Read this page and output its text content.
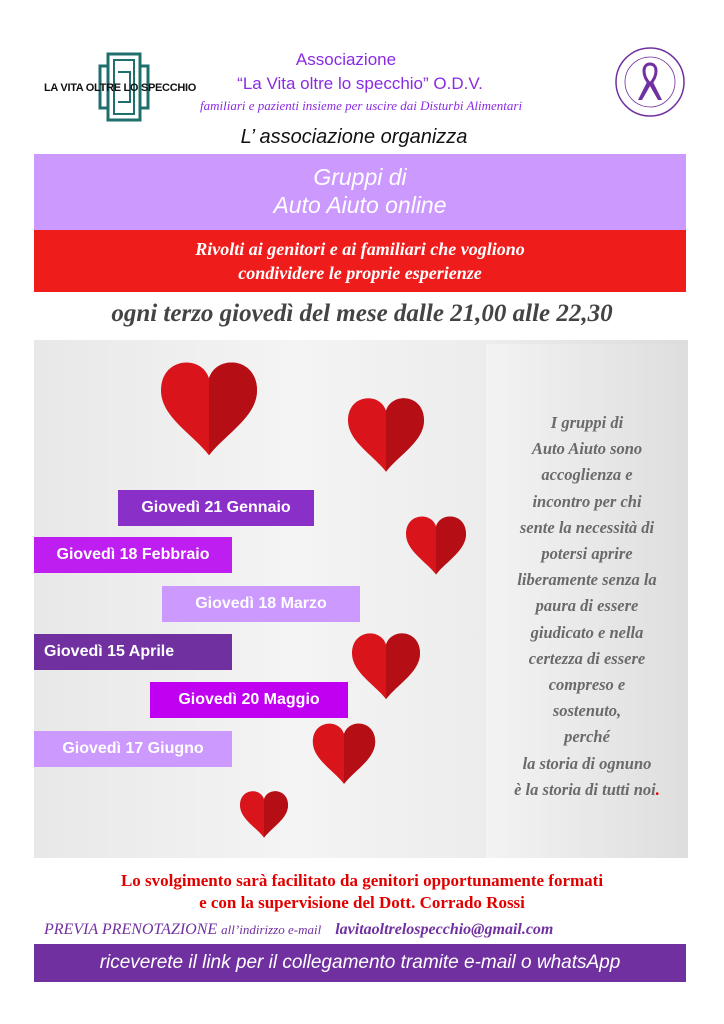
LA VITA OLTRE LO SPECCHIO
Associazione
“La Vita oltre lo specchio” O.D.V.
familiari e pazienti insieme per uscire dai Disturbi Alimentari
L’ associazione organizza
Gruppi di
Auto Aiuto online
Rivolti ai genitori e ai familiari che vogliono
condividere le proprie esperienze
ogni terzo giovedì del mese dalle 21,00 alle 22,30
Giovedì 21 Gennaio
Giovedì 18 Febbraio
Giovedì 18 Marzo
Giovedì 15 Aprile
Giovedì 20 Maggio
Giovedì 17 Giugno
I gruppi di
Auto Aiuto sono
accoglienza e
incontro per chi
sente la necessità di
potersi aprire
liberamente senza la
paura di essere
giudicato e nella
certezza di essere
compreso e
sostenuto,
perché
la storia di ognuno
è la storia di tutti noi.
Lo svolgimento sarà facilitato da genitori opportunamente formati
e con la supervisione del Dott. Corrado Rossi
PREVIA PRENOTAZIONE all’indirizzo e-mail lavitaoltrelospecchio@gmail.com
riceverete il link per il collegamento tramite e-mail o whatsApp
